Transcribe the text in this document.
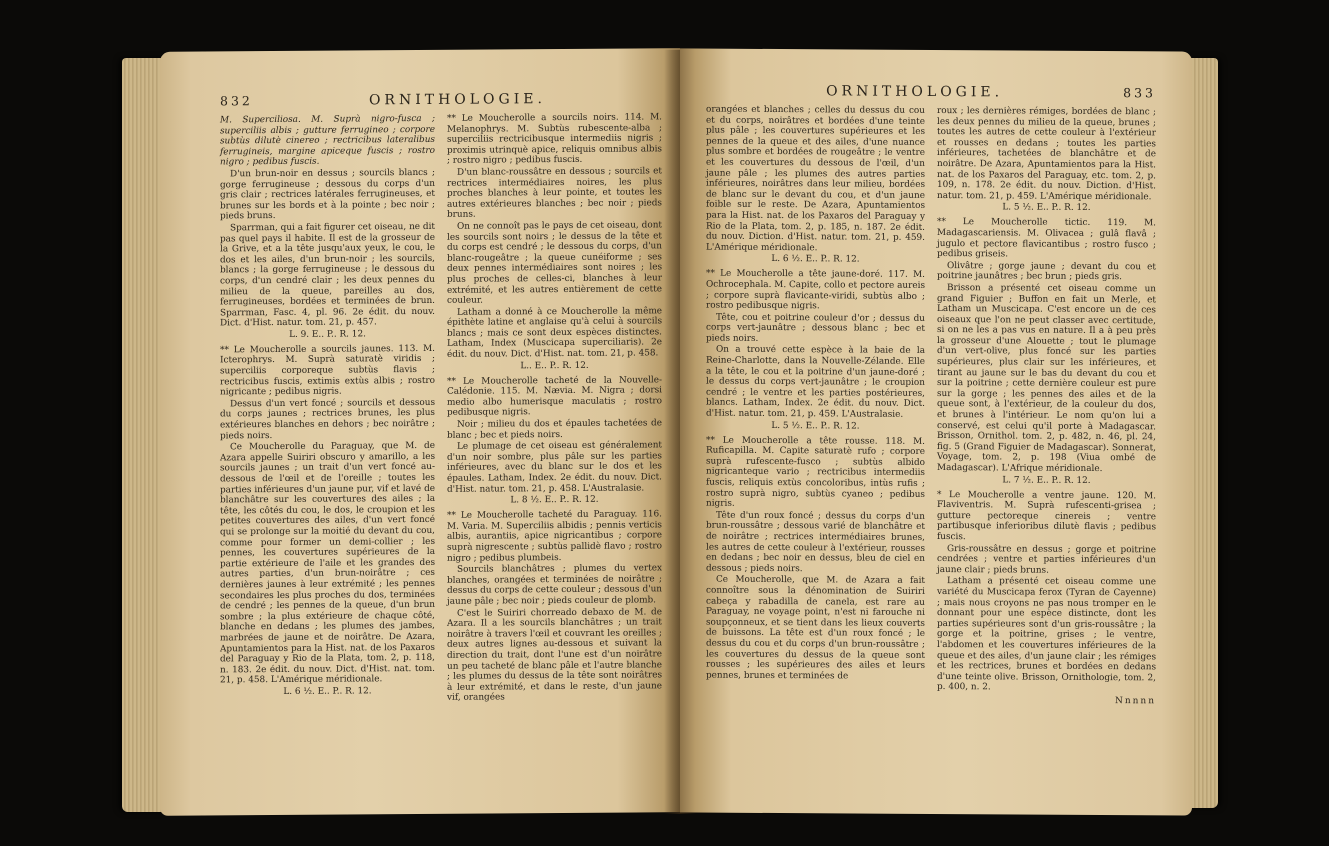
832	ORNITHOLOGIE.

M. Superciliosa. M. Suprà nigro-fusca ; superciliis albis ; gutture ferrugineo ; corpore subtùs dilutè cinereo ; rectricibus lateralibus ferrugineis, margine apiceque fuscis ; rostro nigro ; pedibus fuscis.

D'un brun-noir en dessus ; sourcils blancs ; gorge ferrugineuse ; dessous du corps d'un gris clair ; rectrices latérales ferrugineuses, et brunes sur les bords et à la pointe ; bec noir ; pieds bruns.

Sparrman, qui a fait figurer cet oiseau, ne dit pas quel pays il habite. Il est de la grosseur de la Grive, et a la tête jusqu'aux yeux, le cou, le dos et les ailes, d'un brun-noir ; les sourcils, blancs ; la gorge ferrugineuse ; le dessous du corps, d'un cendré clair ; les deux pennes du milieu de la queue, pareilles au dos, ferrugineuses, bordées et terminées de brun. Sparrman, Fasc. 4, pl. 96. 2e édit. du nouv. Dict. d'Hist. natur. tom. 21, p. 457.

L. 9. E.. P.. R. 12.

** Le Moucherolle a sourcils jaunes. 113. M. Icterophrys. M. Suprà saturatè viridis ; superciliis corporeque subtùs flavis ; rectricibus fuscis, extimis extùs albis ; rostro nigricante ; pedibus nigris.

Dessus d'un vert foncé ; sourcils et dessous du corps jaunes ; rectrices brunes, les plus extérieures blanches en dehors ; bec noirâtre ; pieds noirs.

Ce Moucherolle du Paraguay, que M. de Azara appelle Suiriri obscuro y amarillo, a les sourcils jaunes ; un trait d'un vert foncé au-dessous de l'œil et de l'oreille ; toutes les parties inférieures d'un jaune pur, vif et lavé de blanchâtre sur les couvertures des ailes ; la tête, les côtés du cou, le dos, le croupion et les petites couvertures des ailes, d'un vert foncé qui se prolonge sur la moitié du devant du cou, comme pour former un demi-collier ; les pennes, les couvertures supérieures de la partie extérieure de l'aile et les grandes des autres parties, d'un brun-noirâtre ; ces dernières jaunes à leur extrémité ; les pennes secondaires les plus proches du dos, terminées de cendré ; les pennes de la queue, d'un brun sombre ; la plus extérieure de chaque côté, blanche en dedans ; les plumes des jambes, marbrées de jaune et de noirâtre. De Azara, Apuntamientos para la Hist. nat. de los Paxaros del Paraguay y Rio de la Plata, tom. 2, p. 118, n. 183. 2e édit. du nouv. Dict. d'Hist. nat. tom. 21, p. 458. L'Amérique méridionale.

L. 6 ½. E.. P.. R. 12.

** Le Moucherolle a sourcils noirs. 114. M. Melanophrys. M. Subtùs rubescente-alba ; superciliis rectricibusque intermediis nigris ; proximis utrinquè apice, reliquis omnibus albis ; rostro nigro ; pedibus fuscis.

D'un blanc-roussâtre en dessous ; sourcils et rectrices intermédiaires noires, les plus proches blanches à leur pointe, et toutes les autres extérieures blanches ; bec noir ; pieds bruns.

On ne connoît pas le pays de cet oiseau, dont les sourcils sont noirs ; le dessus de la tête et du corps est cendré ; le dessous du corps, d'un blanc-rougeâtre ; la queue cunéiforme ; ses deux pennes intermédiaires sont noires ; les plus proches de celles-ci, blanches à leur extrémité, et les autres entièrement de cette couleur.

Latham a donné à ce Moucherolle la même épithète latine et anglaise qu'à celui à sourcils blancs ; mais ce sont deux espèces distinctes. Latham, Index (Muscicapa superciliaris). 2e édit. du nouv. Dict. d'Hist. nat. tom. 21, p. 458.

L.. E.. P.. R. 12.

** Le Moucherolle tacheté de la Nouvelle-Calédonie. 115. M. Nævia. M. Nigra ; dorsi medio albo humerisque maculatis ; rostro pedibusque nigris.

Noir ; milieu du dos et épaules tachetées de blanc ; bec et pieds noirs.

Le plumage de cet oiseau est généralement d'un noir sombre, plus pâle sur les parties inférieures, avec du blanc sur le dos et les épaules. Latham, Index. 2e édit. du nouv. Dict. d'Hist. natur. tom. 21, p. 458. L'Australasie.

L. 8 ½. E.. P.. R. 12.

** Le Moucherolle tacheté du Paraguay. 116. M. Varia. M. Superciliis albidis ; pennis verticis albis, aurantiis, apice nigricantibus ; corpore suprà nigrescente ; subtùs pallidè flavo ; rostro nigro ; pedibus plumbeis.

Sourcils blanchâtres ; plumes du vertex blanches, orangées et terminées de noirâtre ; dessus du corps de cette couleur ; dessous d'un jaune pâle ; bec noir ; pieds couleur de plomb.

C'est le Suiriri chorreado debaxo de M. de Azara. Il a les sourcils blanchâtres ; un trait noirâtre à travers l'œil et couvrant les oreilles ; deux autres lignes au-dessous et suivant la direction du trait, dont l'une est d'un noirâtre un peu tacheté de blanc pâle et l'autre blanche ; les plumes du dessus de la tête sont noirâtres à leur extrémité, et dans le reste, d'un jaune vif, orangées

ORNITHOLOGIE.	833

orangées et blanches ; celles du dessus du cou et du corps, noirâtres et bordées d'une teinte plus pâle ; les couvertures supérieures et les pennes de la queue et des ailes, d'une nuance plus sombre et bordées de rougeâtre ; le ventre et les couvertures du dessous de l'œil, d'un jaune pâle ; les plumes des autres parties inférieures, noirâtres dans leur milieu, bordées de blanc sur le devant du cou, et d'un jaune foible sur le reste. De Azara, Apuntamientos para la Hist. nat. de los Paxaros del Paraguay y Rio de la Plata, tom. 2, p. 185, n. 187. 2e édit. du nouv. Diction. d'Hist. natur. tom. 21, p. 459. L'Amérique méridionale.

L. 6 ½. E.. P.. R. 12.

** Le Moucherolle a tête jaune-doré. 117. M. Ochrocephala. M. Capite, collo et pectore aureis ; corpore suprà flavicante-viridi, subtùs albo ; rostro pedibusque nigris.

Tête, cou et poitrine couleur d'or ; dessus du corps vert-jaunâtre ; dessous blanc ; bec et pieds noirs.

On a trouvé cette espèce à la baie de la Reine-Charlotte, dans la Nouvelle-Zélande. Elle a la tête, le cou et la poitrine d'un jaune-doré ; le dessus du corps vert-jaunâtre ; le croupion cendré ; le ventre et les parties postérieures, blancs. Latham, Index. 2e édit. du nouv. Dict. d'Hist. natur. tom. 21, p. 459. L'Australasie.

L. 5 ½. E.. P.. R. 12.

** Le Moucherolle a tête rousse. 118. M. Ruficapilla. M. Capite saturatè rufo ; corpore suprà rufescente-fusco ; subtùs albido nigricanteque vario ; rectricibus intermediis fuscis, reliquis extùs concoloribus, intùs rufis ; rostro suprà nigro, subtùs cyaneo ; pedibus nigris.

Tête d'un roux foncé ; dessus du corps d'un brun-roussâtre ; dessous varié de blanchâtre et de noirâtre ; rectrices intermédiaires brunes, les autres de cette couleur à l'extérieur, rousses en dedans ; bec noir en dessus, bleu de ciel en dessous ; pieds noirs.

Ce Moucherolle, que M. de Azara a fait connoître sous la dénomination de Suiriri cabeça y rabadilla de canela, est rare au Paraguay, ne voyage point, n'est ni farouche ni soupçonneux, et se tient dans les lieux couverts de buissons. La tête est d'un roux foncé ; le dessus du cou et du corps d'un brun-roussâtre ; les couvertures du dessus de la queue sont rousses ; les supérieures des ailes et leurs pennes, brunes et terminées de

roux ; les dernières rémiges, bordées de blanc ; les deux pennes du milieu de la queue, brunes ; toutes les autres de cette couleur à l'extérieur et rousses en dedans ; toutes les parties inférieures, tachetées de blanchâtre et de noirâtre. De Azara, Apuntamientos para la Hist. nat. de los Paxaros del Paraguay, etc. tom. 2, p. 109, n. 178. 2e édit. du nouv. Diction. d'Hist. natur. tom. 21, p. 459. L'Amérique méridionale.

L. 5 ½. E.. P.. R. 12.

** Le Moucherolle tictic. 119. M. Madagascariensis. M. Olivacea ; gulâ flavâ ; jugulo et pectore flavicantibus ; rostro fusco ; pedibus griseis.

Olivâtre ; gorge jaune ; devant du cou et poitrine jaunâtres ; bec brun ; pieds gris.

Brisson a présenté cet oiseau comme un grand Figuier ; Buffon en fait un Merle, et Latham un Muscicapa. C'est encore un de ces oiseaux que l'on ne peut classer avec certitude, si on ne les a pas vus en nature. Il a à peu près la grosseur d'une Alouette ; tout le plumage d'un vert-olive, plus foncé sur les parties supérieures, plus clair sur les inférieures, et tirant au jaune sur le bas du devant du cou et sur la poitrine ; cette dernière couleur est pure sur la gorge ; les pennes des ailes et de la queue sont, à l'extérieur, de la couleur du dos, et brunes à l'intérieur. Le nom qu'on lui a conservé, est celui qu'il porte à Madagascar. Brisson, Ornithol. tom. 2, p. 482, n. 46, pl. 24, fig. 5 (Grand Figuier de Madagascar). Sonnerat, Voyage, tom. 2, p. 198 (Viua ombé de Madagascar). L'Afrique méridionale.

L. 7 ½. E.. P.. R. 12.

* Le Moucherolle a ventre jaune. 120. M. Flaviventris. M. Suprà rufescenti-grisea ; gutture pectoreque cinereis ; ventre partibusque inferioribus dilutè flavis ; pedibus fuscis.

Gris-roussâtre en dessus ; gorge et poitrine cendrées ; ventre et parties inférieures d'un jaune clair ; pieds bruns.

Latham a présenté cet oiseau comme une variété du Muscicapa ferox (Tyran de Cayenne) ; mais nous croyons ne pas nous tromper en le donnant pour une espèce distincte, dont les parties supérieures sont d'un gris-roussâtre ; la gorge et la poitrine, grises ; le ventre, l'abdomen et les couvertures inférieures de la queue et des ailes, d'un jaune clair ; les rémiges et les rectrices, brunes et bordées en dedans d'une teinte olive. Brisson, Ornithologie, tom. 2, p. 400, n. 2.

Nnnnn
